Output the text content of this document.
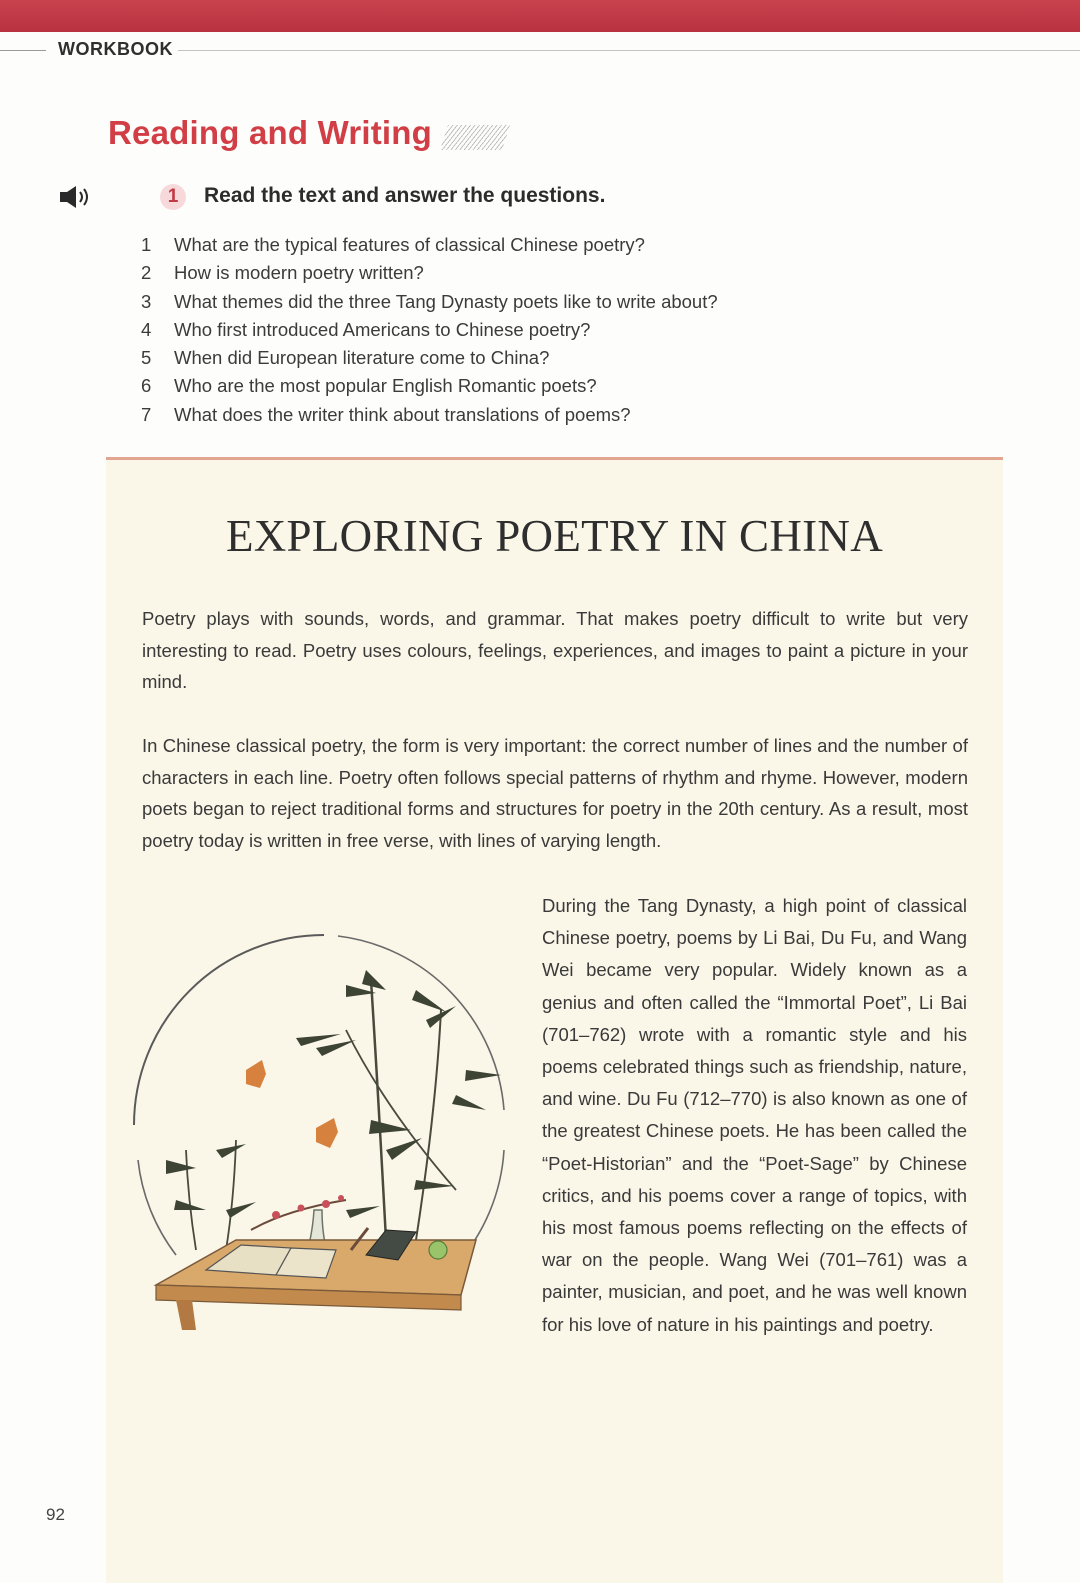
WORKBOOK
Reading and Writing
1	Read the text and answer the questions.
1	What are the typical features of classical Chinese poetry?
2	How is modern poetry written?
3	What themes did the three Tang Dynasty poets like to write about?
4	Who first introduced Americans to Chinese poetry?
5	When did European literature come to China?
6	Who are the most popular English Romantic poets?
7	What does the writer think about translations of poems?
EXPLORING POETRY IN CHINA

Poetry plays with sounds, words, and grammar. That makes poetry difficult to write but very interesting to read. Poetry uses colours, feelings, experiences, and images to paint a picture in your mind.

In Chinese classical poetry, the form is very important: the correct number of lines and the number of characters in each line. Poetry often follows special patterns of rhythm and rhyme. However, modern poets began to reject traditional forms and structures for poetry in the 20th century. As a result, most poetry today is written in free verse, with lines of varying length.

During the Tang Dynasty, a high point of classical Chinese poetry, poems by Li Bai, Du Fu, and Wang Wei became very popular. Widely known as a genius and often called the “Immortal Poet”, Li Bai (701–762) wrote with a romantic style and his poems celebrated things such as friendship, nature, and wine. Du Fu (712–770) is also known as one of the greatest Chinese poets. He has been called the “Poet-Historian” and the “Poet-Sage” by Chinese critics, and his poems cover a range of topics, with his most famous poems reflecting on the effects of war on the people. Wang Wei (701–761) was a painter, musician, and poet, and he was well known for his love of nature in his paintings and poetry.

92
